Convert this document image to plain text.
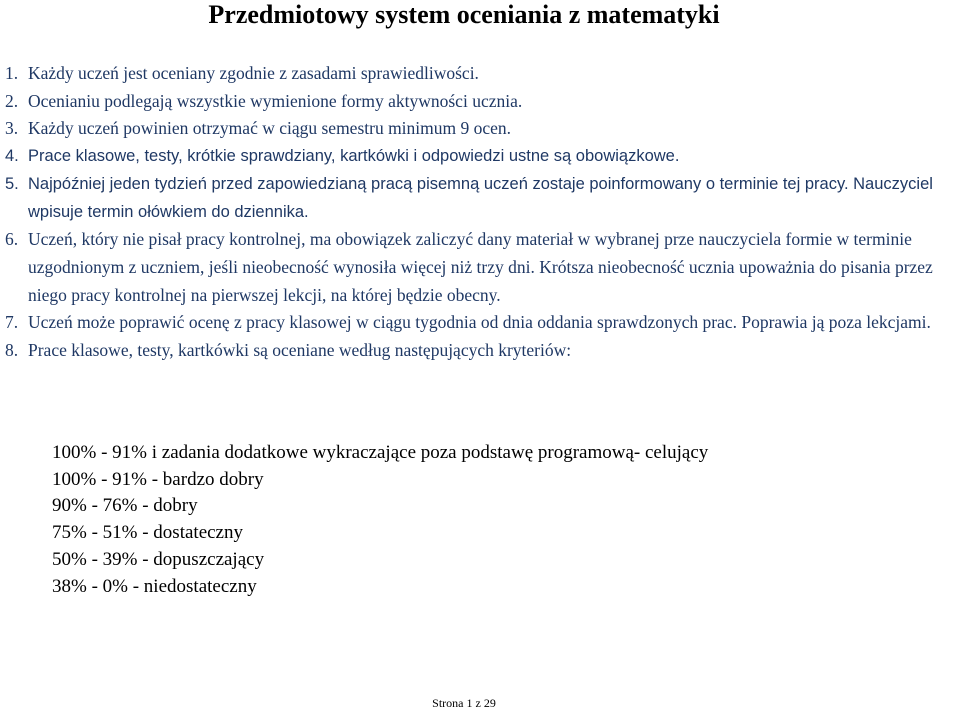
Przedmiotowy system oceniania z matematyki
1. Każdy uczeń jest oceniany zgodnie z zasadami sprawiedliwości.
2. Ocenianiu podlegają wszystkie wymienione formy aktywności ucznia.
3. Każdy uczeń powinien otrzymać w ciągu semestru minimum 9 ocen.
4. Prace klasowe, testy, krótkie sprawdziany, kartkówki i odpowiedzi ustne są obowiązkowe.
5. Najpóźniej jeden tydzień przed zapowiedzianą pracą pisemną uczeń zostaje poinformowany o terminie tej pracy. Nauczyciel wpisuje termin ołówkiem do dziennika.
6. Uczeń, który nie pisał pracy kontrolnej, ma obowiązek zaliczyć dany materiał w wybranej prze nauczyciela formie w terminie uzgodnionym z uczniem, jeśli nieobecność wynosiła więcej niż trzy dni. Krótsza nieobecność ucznia upoważnia do pisania przez niego pracy kontrolnej na pierwszej lekcji, na której będzie obecny.
7. Uczeń może poprawić ocenę z pracy klasowej w ciągu tygodnia od dnia oddania sprawdzonych prac. Poprawia ją poza lekcjami.
8. Prace klasowe, testy, kartkówki są oceniane według następujących kryteriów:
100% - 91% i zadania dodatkowe wykraczające poza podstawę programową- celujący
100% - 91% - bardzo dobry
90% - 76% - dobry
75% - 51% - dostateczny
50% - 39% - dopuszczający
38% - 0% - niedostateczny
Strona 1 z 29
